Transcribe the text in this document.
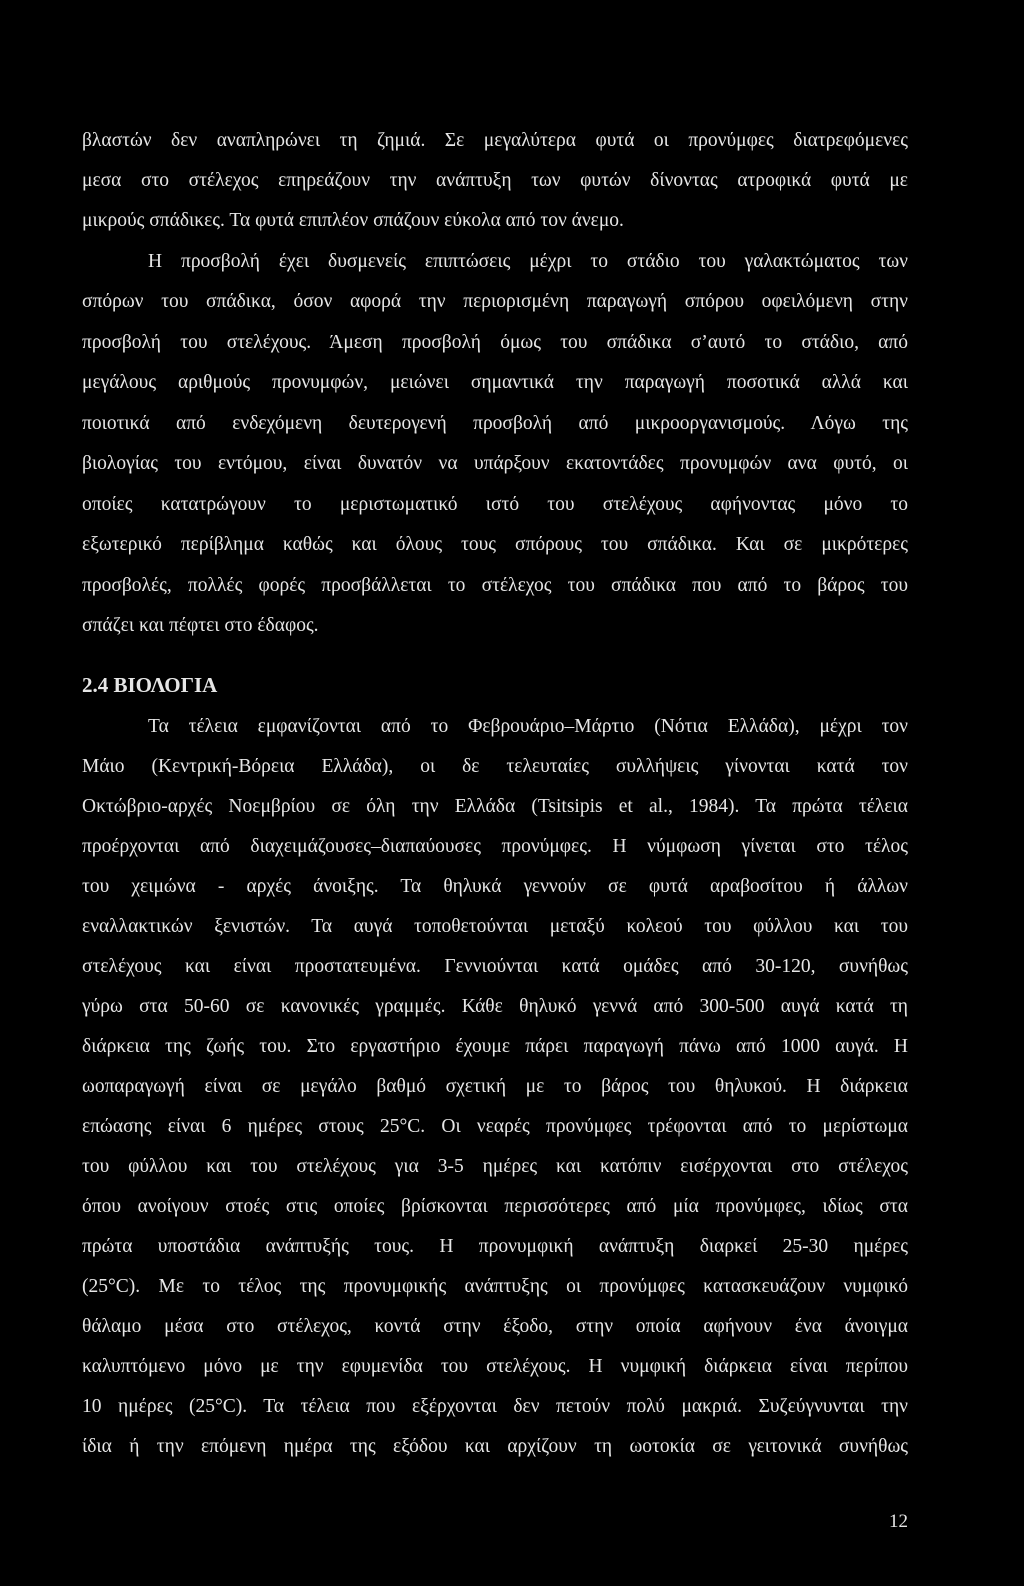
βλαστών δεν αναπληρώνει τη ζημιά. Σε μεγαλύτερα φυτά οι προνύμφες διατρεφόμενες
μεσα στο στέλεχος επηρεάζουν την ανάπτυξη των φυτών δίνοντας ατροφικά φυτά με
μικρούς σπάδικες. Τα φυτά επιπλέον σπάζουν εύκολα από τον άνεμο.
Η προσβολή έχει δυσμενείς επιπτώσεις μέχρι το στάδιο του γαλακτώματος των
σπόρων του σπάδικα, όσον αφορά την περιορισμένη παραγωγή σπόρου οφειλόμενη στην
προσβολή του στελέχους. Άμεση προσβολή όμως του σπάδικα σ’αυτό το στάδιο, από
μεγάλους αριθμούς προνυμφών, μειώνει σημαντικά την παραγωγή ποσοτικά αλλά και
ποιοτικά από ενδεχόμενη δευτερογενή προσβολή από μικροοργανισμούς. Λόγω της
βιολογίας του εντόμου, είναι δυνατόν να υπάρξουν εκατοντάδες προνυμφών ανα φυτό, οι
οποίες κατατρώγουν το μεριστωματικό ιστό του στελέχους αφήνοντας μόνο το
εξωτερικό περίβλημα καθώς και όλους τους σπόρους του σπάδικα. Και σε μικρότερες
προσβολές, πολλές φορές προσβάλλεται το στέλεχος του σπάδικα που από το βάρος του
σπάζει και πέφτει στο έδαφος.
2.4 ΒΙΟΛΟΓΙΑ
Τα τέλεια εμφανίζονται από το Φεβρουάριο–Μάρτιο (Νότια Ελλάδα), μέχρι τον
Μάιο (Κεντρική-Βόρεια Ελλάδα), οι δε τελευταίες συλλήψεις γίνονται κατά τον
Οκτώβριο-αρχές Νοεμβρίου σε όλη την Ελλάδα (Tsitsipis et al., 1984). Τα πρώτα τέλεια
προέρχονται από διαχειμάζουσες–διαπαύουσες προνύμφες. Η νύμφωση γίνεται στο τέλος
του χειμώνα - αρχές άνοιξης. Τα θηλυκά γεννούν σε φυτά αραβοσίτου ή άλλων
εναλλακτικών ξενιστών. Τα αυγά τοποθετούνται μεταξύ κολεού του φύλλου και του
στελέχους και είναι προστατευμένα. Γεννιούνται κατά ομάδες από 30-120, συνήθως
γύρω στα 50-60 σε κανονικές γραμμές. Κάθε θηλυκό γεννά από 300-500 αυγά κατά τη
διάρκεια της ζωής του. Στο εργαστήριο έχουμε πάρει παραγωγή πάνω από 1000 αυγά. Η
ωοπαραγωγή είναι σε μεγάλο βαθμό σχετική με το βάρος του θηλυκού. Η διάρκεια
επώασης είναι 6 ημέρες στους 25°C. Οι νεαρές προνύμφες τρέφονται από το μερίστωμα
του φύλλου και του στελέχους για 3-5 ημέρες και κατόπιν εισέρχονται στο στέλεχος
όπου ανοίγουν στοές στις οποίες βρίσκονται περισσότερες από μία προνύμφες, ιδίως στα
πρώτα υποστάδια ανάπτυξής τους. Η προνυμφική ανάπτυξη διαρκεί 25-30 ημέρες
(25°C). Με το τέλος της προνυμφικής ανάπτυξης οι προνύμφες κατασκευάζουν νυμφικό
θάλαμο μέσα στο στέλεχος, κοντά στην έξοδο, στην οποία αφήνουν ένα άνοιγμα
καλυπτόμενο μόνο με την εφυμενίδα του στελέχους. Η νυμφική διάρκεια είναι περίπου
10 ημέρες (25°C). Τα τέλεια που εξέρχονται δεν πετούν πολύ μακριά. Συζεύγνυνται την
ίδια ή την επόμενη ημέρα της εξόδου και αρχίζουν τη ωοτοκία σε γειτονικά συνήθως
12
